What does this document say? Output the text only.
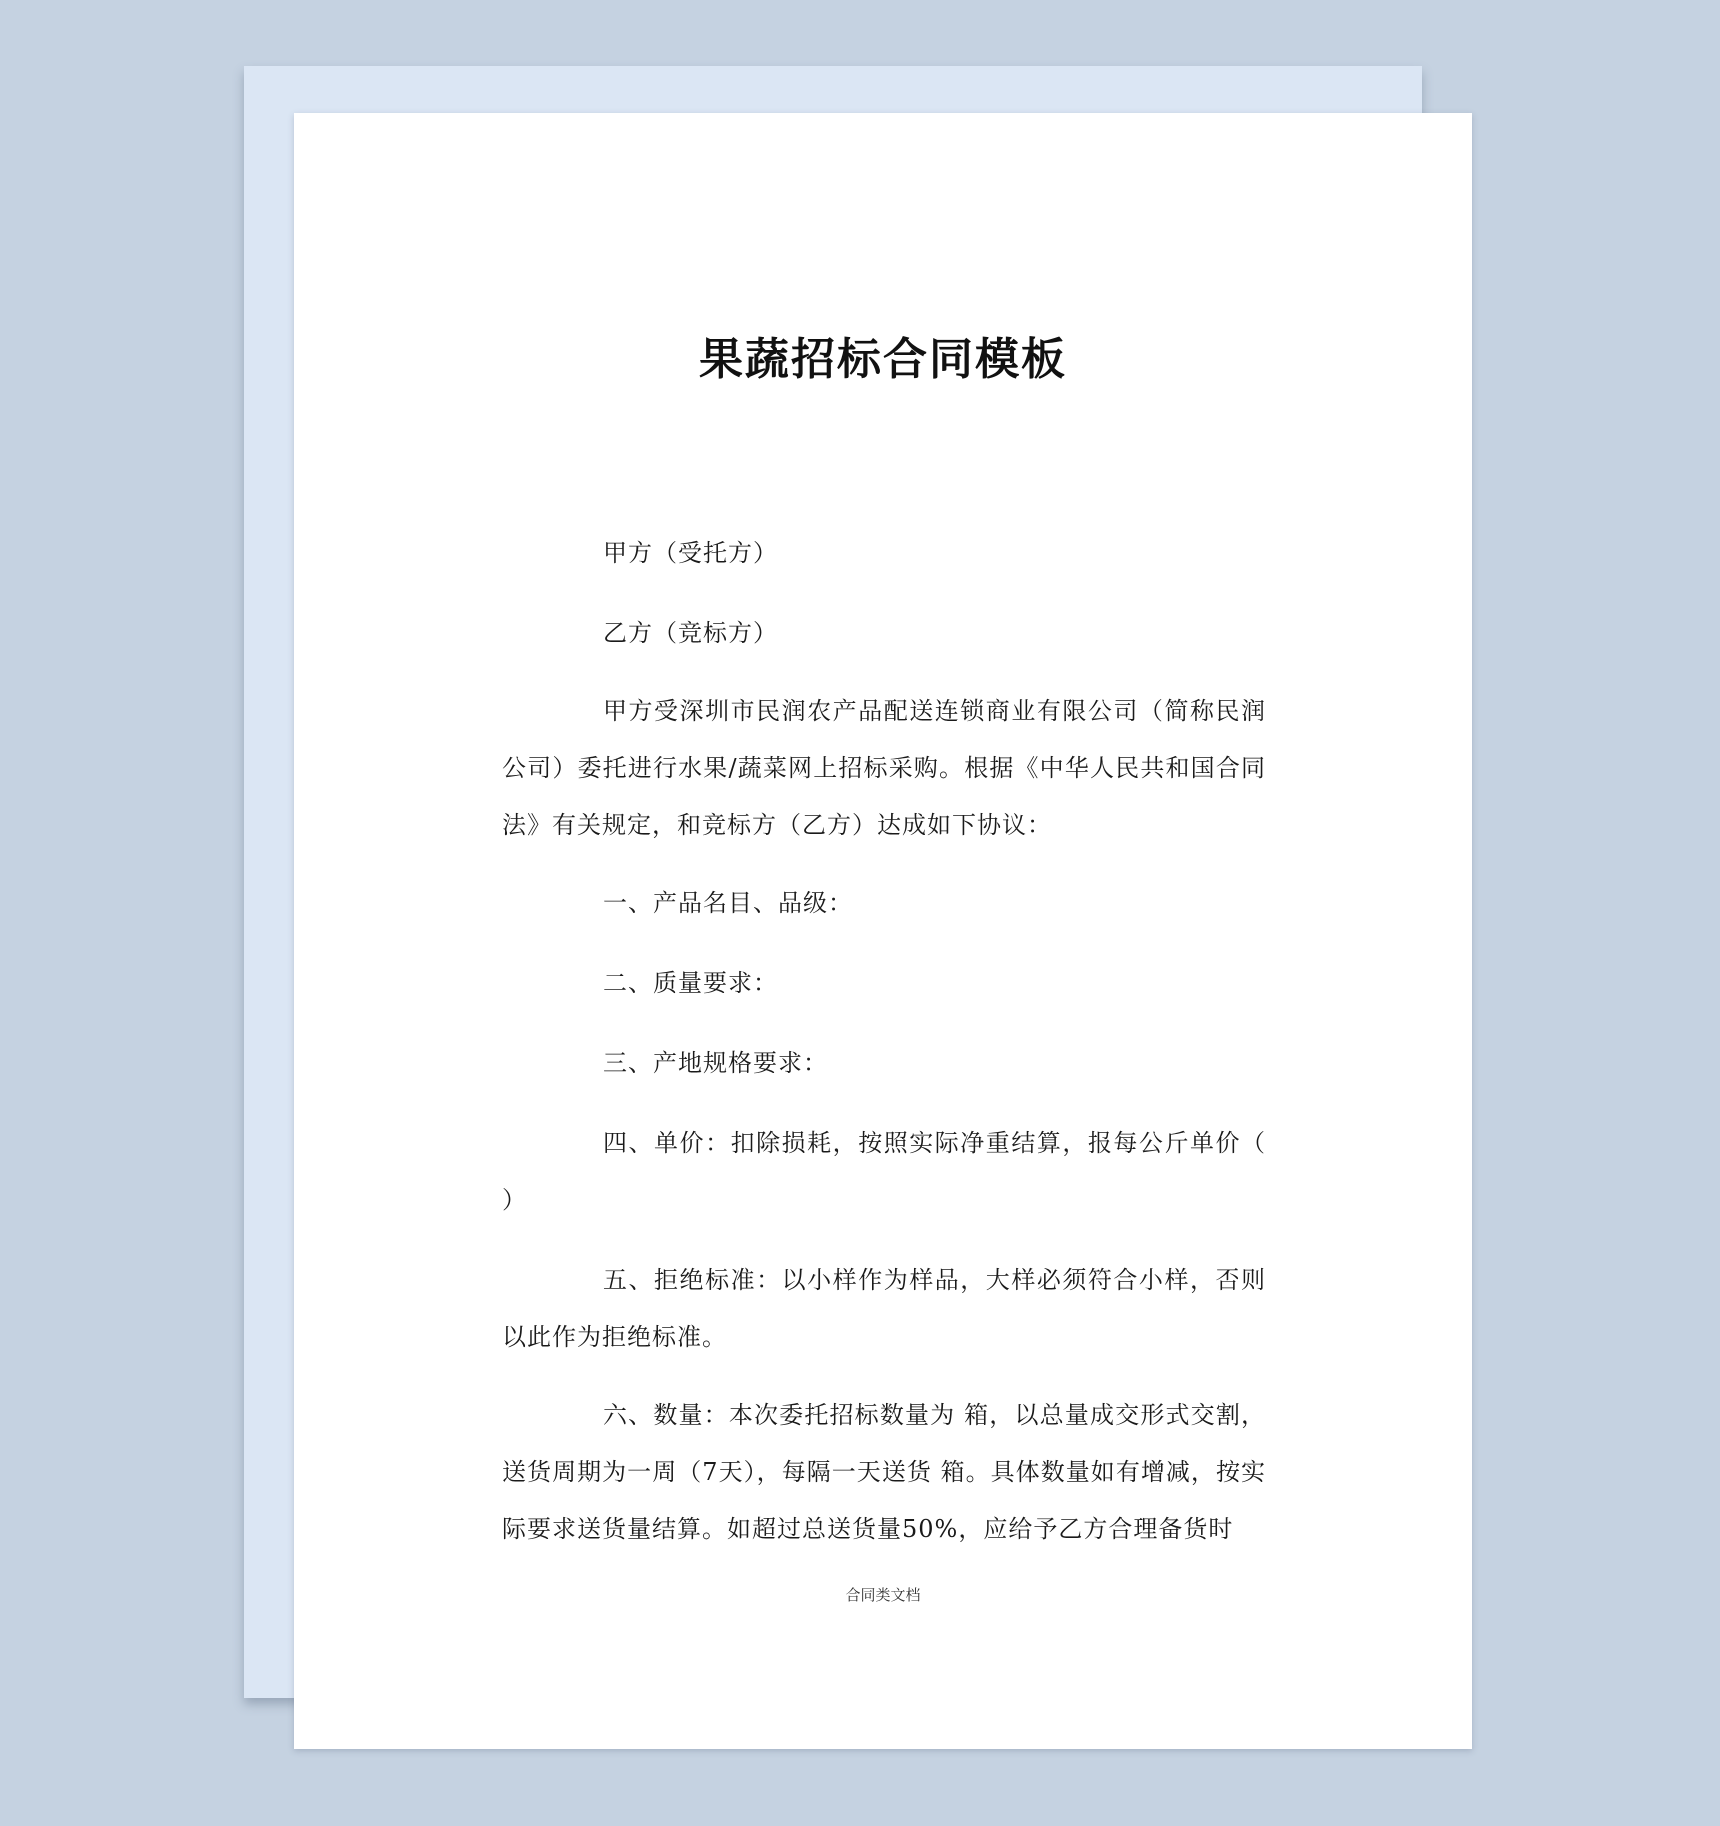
果蔬招标合同模板

甲方（受托方）

乙方（竞标方）

甲方受深圳市民润农产品配送连锁商业有限公司（简称民润公司）委托进行水果/蔬菜网上招标采购。根据《中华人民共和国合同法》有关规定，和竞标方（乙方）达成如下协议：

一、产品名目、品级：

二、质量要求：

三、产地规格要求：

四、单价：扣除损耗，按照实际净重结算，报每公斤单价（ ）

五、拒绝标准：以小样作为样品，大样必须符合小样，否则以此作为拒绝标准。

六、数量：本次委托招标数量为 箱，以总量成交形式交割，送货周期为一周（7天），每隔一天送货 箱。具体数量如有增减，按实际要求送货量结算。如超过总送货量50%，应给予乙方合理备货时

合同类文档
